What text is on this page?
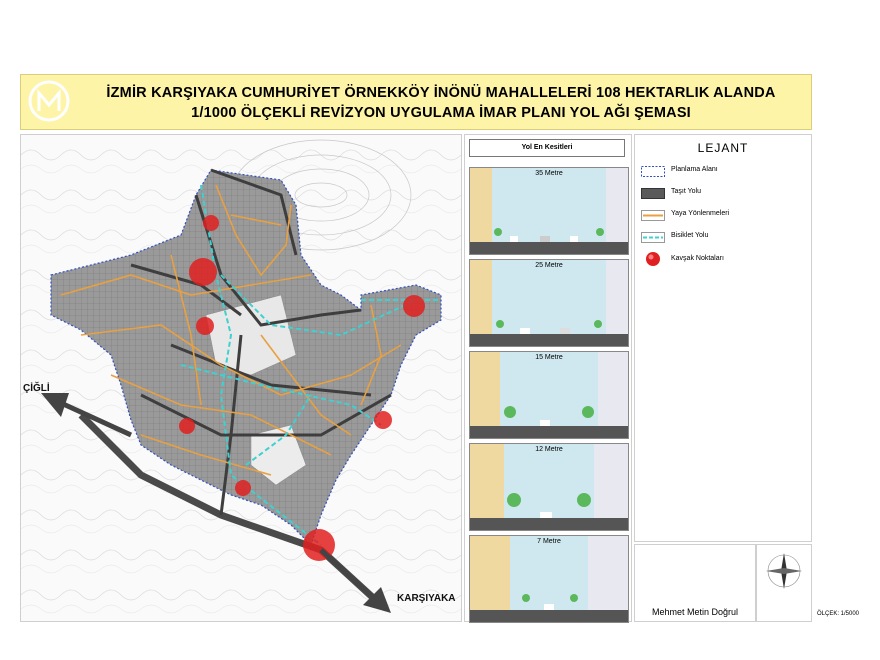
İZMİR KARŞIYAKA CUMHURİYET ÖRNEKKÖY İNÖNÜ MAHALLELERİ 108 HEKTARLIK ALANDA
1/1000 ÖLÇEKLİ REVİZYON UYGULAMA İMAR PLANI YOL AĞI ŞEMASI
ÇİĞLİ
KARŞIYAKA
Yol En Kesitleri
35 Metre
25 Metre
15 Metre
12 Metre
7 Metre
LEJANT
Planlama Alanı
Taşıt Yolu
Yaya Yönlenmeleri
Bisiklet Yolu
Kavşak Noktaları
Mehmet Metin Doğrul	ÖLÇEK: 1/5000
